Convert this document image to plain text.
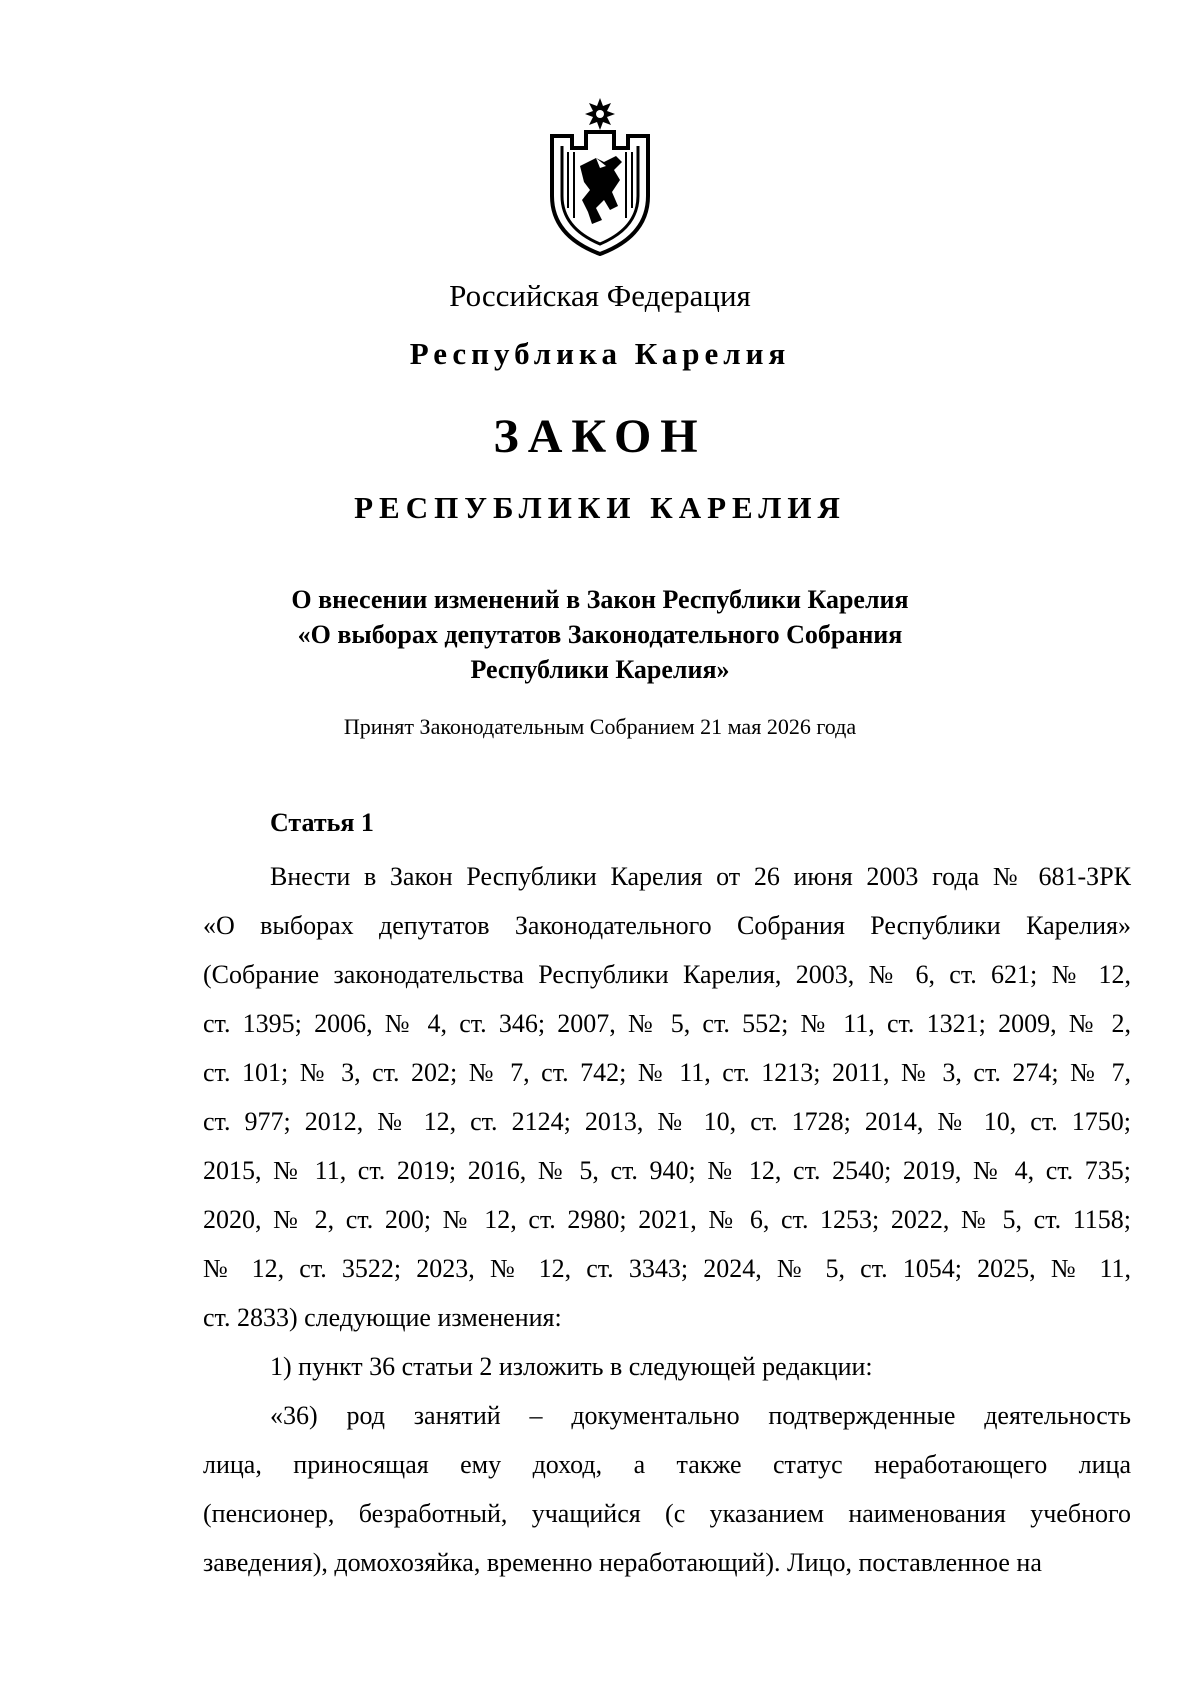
Российская Федерация
Республика Карелия
ЗАКОН
РЕСПУБЛИКИ КАРЕЛИЯ
О внесении изменений в Закон Республики Карелия
«О выборах депутатов Законодательного Собрания
Республики Карелия»
Принят Законодательным Собранием 21 мая 2026 года
Статья 1
Внести в Закон Республики Карелия от 26 июня 2003 года № 681-ЗРК
«О выборах депутатов Законодательного Собрания Республики Карелия»
(Собрание законодательства Республики Карелия, 2003, № 6, ст. 621; № 12,
ст. 1395; 2006, № 4, ст. 346; 2007, № 5, ст. 552; № 11, ст. 1321; 2009, № 2,
ст. 101; № 3, ст. 202; № 7, ст. 742; № 11, ст. 1213; 2011, № 3, ст. 274; № 7,
ст. 977; 2012, № 12, ст. 2124; 2013, № 10, ст. 1728; 2014, № 10, ст. 1750;
2015, № 11, ст. 2019; 2016, № 5, ст. 940; № 12, ст. 2540; 2019, № 4, ст. 735;
2020, № 2, ст. 200; № 12, ст. 2980; 2021, № 6, ст. 1253; 2022, № 5, ст. 1158;
№ 12, ст. 3522; 2023, № 12, ст. 3343; 2024, № 5, ст. 1054; 2025, № 11,
ст. 2833) следующие изменения:
1) пункт 36 статьи 2 изложить в следующей редакции:
«36) род занятий – документально подтвержденные деятельность
лица, приносящая ему доход, а также статус неработающего лица
(пенсионер, безработный, учащийся (с указанием наименования учебного
заведения), домохозяйка, временно неработающий). Лицо, поставленное на
